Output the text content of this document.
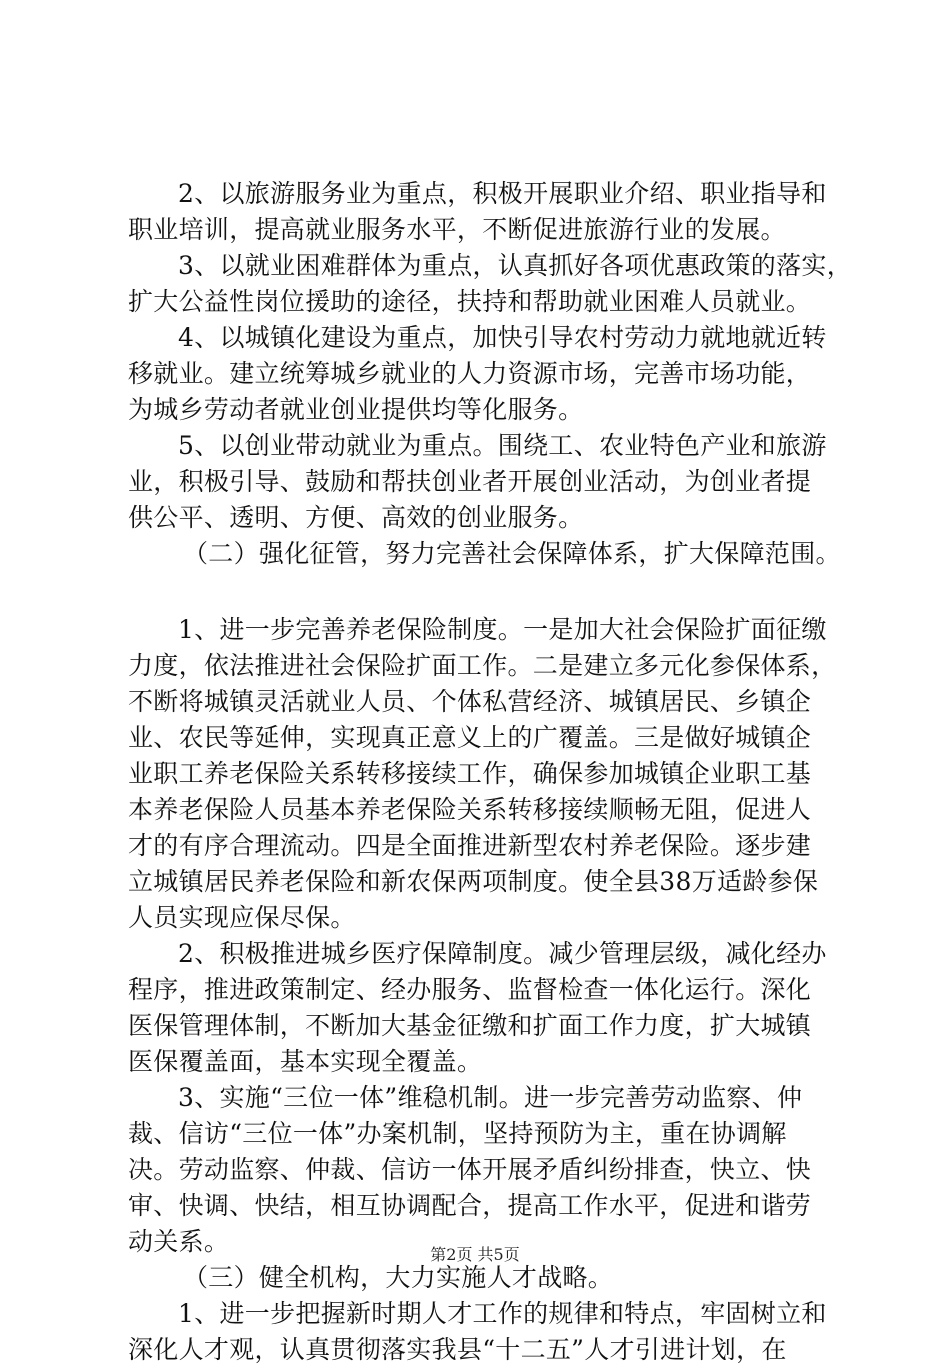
2、以旅游服务业为重点，积极开展职业介绍、职业指导和
职业培训，提高就业服务水平，不断促进旅游行业的发展。
3、以就业困难群体为重点，认真抓好各项优惠政策的落实，
扩大公益性岗位援助的途径，扶持和帮助就业困难人员就业。
4、以城镇化建设为重点，加快引导农村劳动力就地就近转
移就业。建立统筹城乡就业的人力资源市场，完善市场功能，
为城乡劳动者就业创业提供均等化服务。
5、以创业带动就业为重点。围绕工、农业特色产业和旅游
业，积极引导、鼓励和帮扶创业者开展创业活动，为创业者提
供公平、透明、方便、高效的创业服务。
（二）强化征管，努力完善社会保障体系，扩大保障范围。
1、进一步完善养老保险制度。一是加大社会保险扩面征缴
力度，依法推进社会保险扩面工作。二是建立多元化参保体系，
不断将城镇灵活就业人员、个体私营经济、城镇居民、乡镇企
业、农民等延伸，实现真正意义上的广覆盖。三是做好城镇企
业职工养老保险关系转移接续工作，确保参加城镇企业职工基
本养老保险人员基本养老保险关系转移接续顺畅无阻，促进人
才的有序合理流动。四是全面推进新型农村养老保险。逐步建
立城镇居民养老保险和新农保两项制度。使全县38万适龄参保
人员实现应保尽保。
2、积极推进城乡医疗保障制度。减少管理层级，减化经办
程序，推进政策制定、经办服务、监督检查一体化运行。深化
医保管理体制，不断加大基金征缴和扩面工作力度，扩大城镇
医保覆盖面，基本实现全覆盖。
3、实施“三位一体”维稳机制。进一步完善劳动监察、仲
裁、信访“三位一体”办案机制，坚持预防为主，重在协调解
决。劳动监察、仲裁、信访一体开展矛盾纠纷排查，快立、快
审、快调、快结，相互协调配合，提高工作水平，促进和谐劳
动关系。
（三）健全机构，大力实施人才战略。
1、进一步把握新时期人才工作的规律和特点，牢固树立和
深化人才观，认真贯彻落实我县“十二五”人才引进计划，在
第2页 共5页
